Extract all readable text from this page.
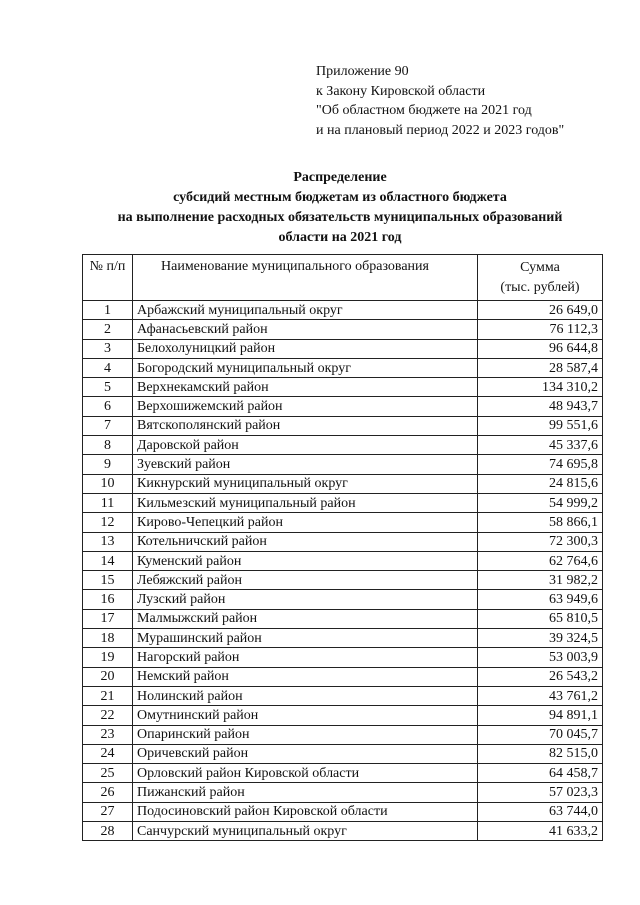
Приложение 90
к Закону Кировской области
"Об областном бюджете на 2021 год
и на плановый период 2022 и 2023 годов"
Распределение
субсидий местным бюджетам из областного бюджета
на выполнение расходных обязательств муниципальных образований
области на 2021 год
№ п/п	Наименование муниципального образования	Сумма
(тыс. рублей)

1	Арбажский муниципальный округ	26 649,0
2	Афанасьевский район	76 112,3
3	Белохолуницкий район	96 644,8
4	Богородский муниципальный округ	28 587,4
5	Верхнекамский район	134 310,2
6	Верхошижемский район	48 943,7
7	Вятскополянский район	99 551,6
8	Даровской район	45 337,6
9	Зуевский район	74 695,8
10	Кикнурский муниципальный округ	24 815,6
11	Кильмезский муниципальный район	54 999,2
12	Кирово-Чепецкий район	58 866,1
13	Котельничский район	72 300,3
14	Куменский район	62 764,6
15	Лебяжский район	31 982,2
16	Лузский район	63 949,6
17	Малмыжский район	65 810,5
18	Мурашинский район	39 324,5
19	Нагорский район	53 003,9
20	Немский район	26 543,2
21	Нолинский район	43 761,2
22	Омутнинский район	94 891,1
23	Опаринский район	70 045,7
24	Оричевский район	82 515,0
25	Орловский район Кировской области	64 458,7
26	Пижанский район	57 023,3
27	Подосиновский район Кировской области	63 744,0
28	Санчурский муниципальный округ	41 633,2
